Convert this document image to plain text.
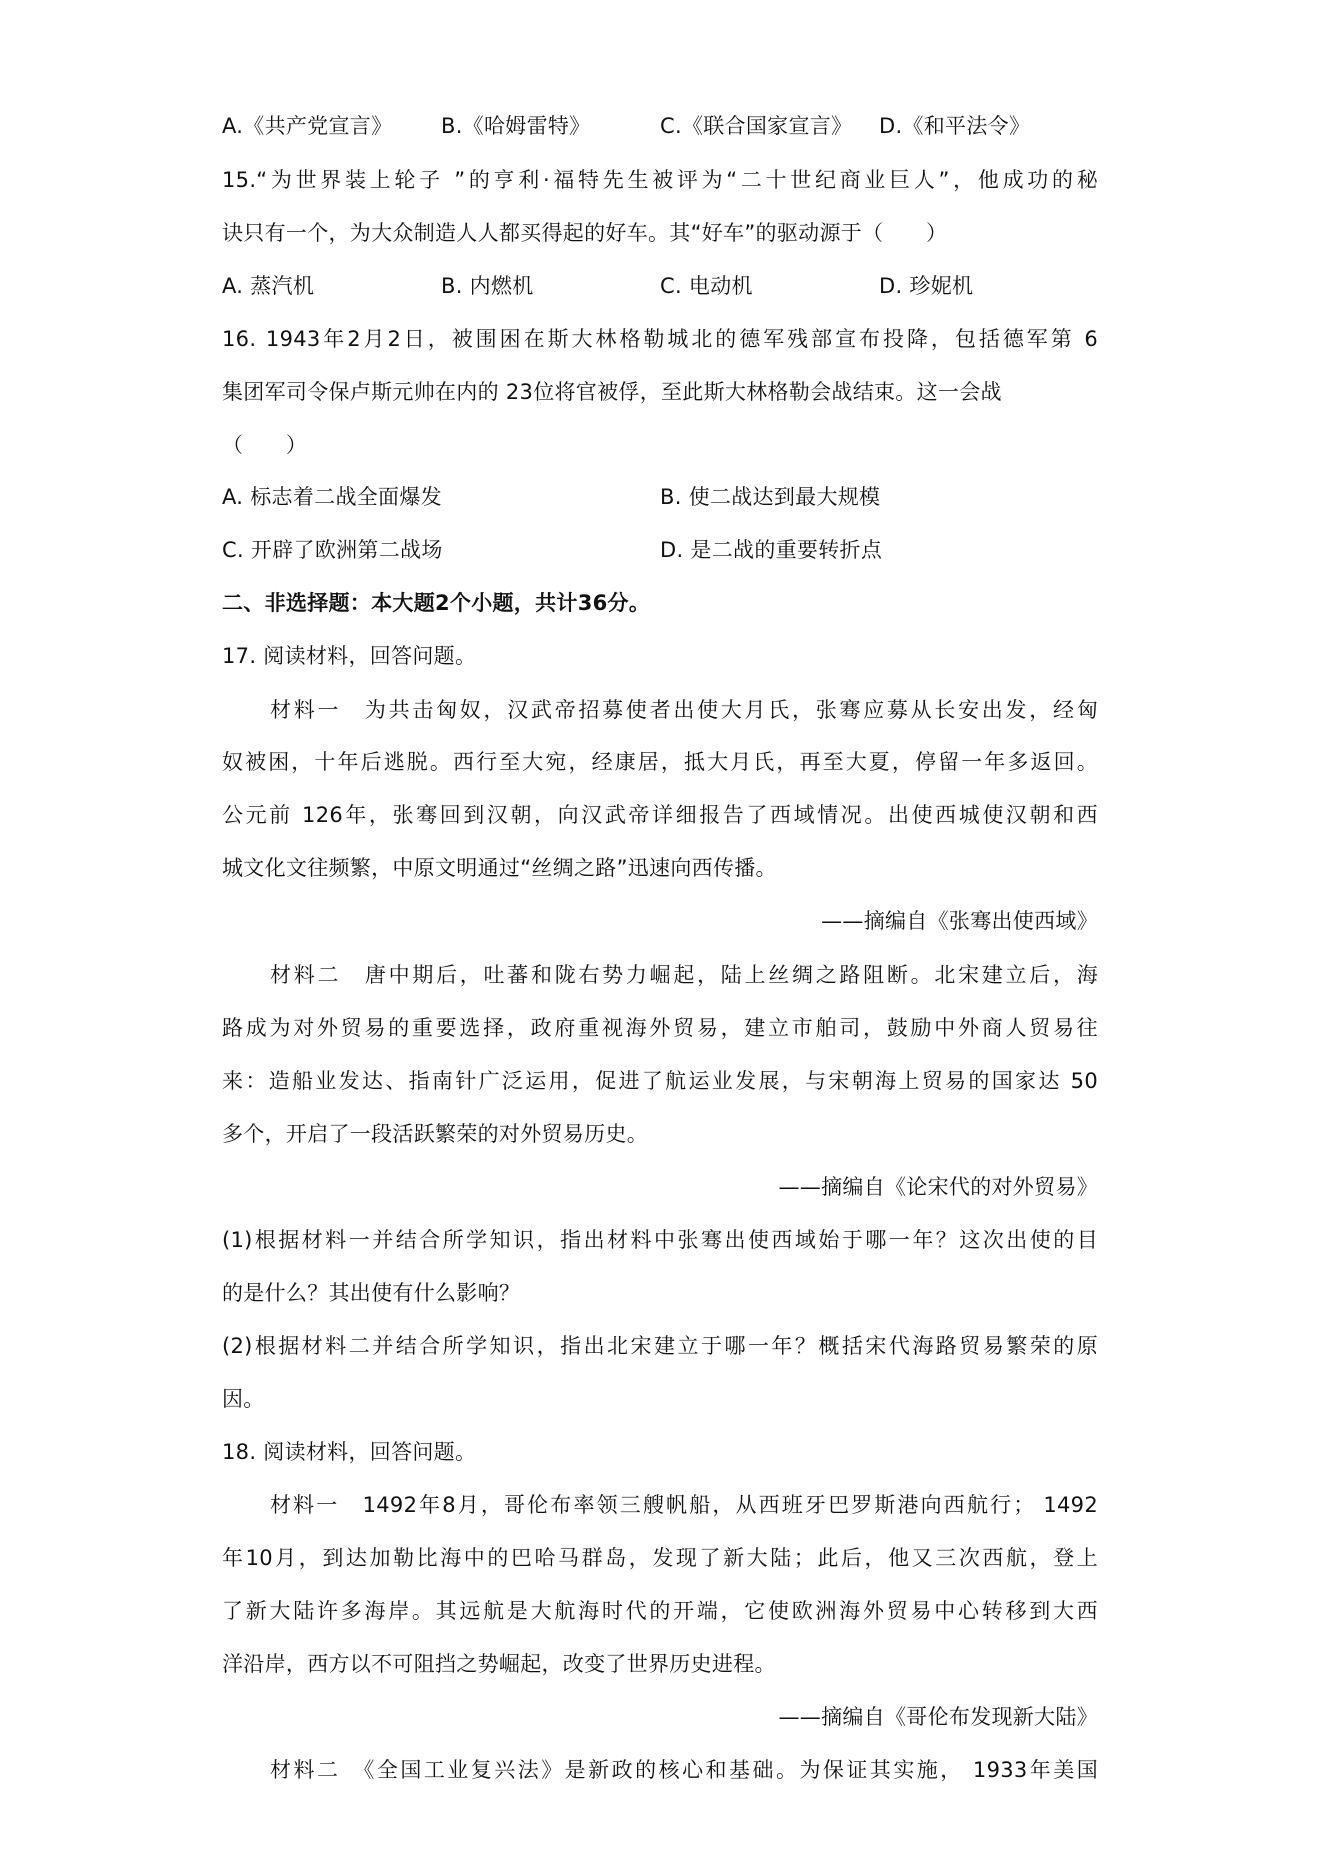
A.《共产党宣言》 B.《哈姆雷特》	C.《联合国家宣言》 D.《和平法令》
15.“为世界装上轮子 ”的亨利·福特先生被评为“二十世纪商业巨人”，他成功的秘
诀只有一个，为大众制造人人都买得起的好车。其“好车”的驱动源于（　　）
A. 蒸汽机	B. 内燃机	C. 电动机	D. 珍妮机
16. 1943年2月2日，被围困在斯大林格勒城北的德军残部宣布投降，包括德军第 6
集团军司令保卢斯元帅在内的 23位将官被俘，至此斯大林格勒会战结束。这一会战
（　　）
A. 标志着二战全面爆发	B. 使二战达到最大规模
C. 开辟了欧洲第二战场	D. 是二战的重要转折点
二、非选择题：本大题2个小题，共计36分。
17. 阅读材料，回答问题。
材料一　为共击匈奴，汉武帝招募使者出使大月氏，张骞应募从长安出发，经匈
奴被困，十年后逃脱。西行至大宛，经康居，抵大月氏，再至大夏，停留一年多返回。
公元前 126年，张骞回到汉朝，向汉武帝详细报告了西域情况。出使西城使汉朝和西
城文化文往频繁，中原文明通过“丝绸之路”迅速向西传播。
——摘编自《张骞出使西域》
材料二　唐中期后，吐蕃和陇右势力崛起，陆上丝绸之路阻断。北宋建立后，海
路成为对外贸易的重要选择，政府重视海外贸易，建立市舶司，鼓励中外商人贸易往
来：造船业发达、指南针广泛运用，促进了航运业发展，与宋朝海上贸易的国家达 50
多个，开启了一段活跃繁荣的对外贸易历史。
——摘编自《论宋代的对外贸易》
(1)根据材料一并结合所学知识，指出材料中张骞出使西域始于哪一年？这次出使的目
的是什么？其出使有什么影响？
(2)根据材料二并结合所学知识，指出北宋建立于哪一年？概括宋代海路贸易繁荣的原
因。
18. 阅读材料，回答问题。
材料一　1492年8月，哥伦布率领三艘帆船，从西班牙巴罗斯港向西航行； 1492
年10月，到达加勒比海中的巴哈马群岛，发现了新大陆；此后，他又三次西航，登上
了新大陆许多海岸。其远航是大航海时代的开端，它使欧洲海外贸易中心转移到大西
洋沿岸，西方以不可阻挡之势崛起，改变了世界历史进程。
——摘编自《哥伦布发现新大陆》
材料二　《全国工业复兴法》是新政的核心和基础。为保证其实施， 1933年美国
